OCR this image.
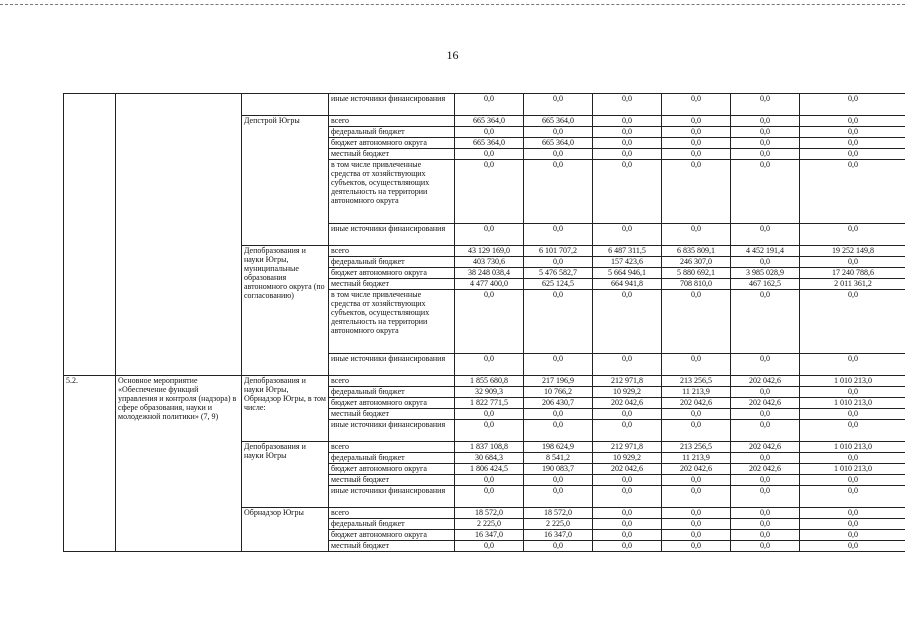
16
			иные источники финансирования	0,0	0,0	0,0	0,0	0,0	0,0
		Депстрой Югры	всего	665 364,0	665 364,0	0,0	0,0	0,0	0,0
			федеральный бюджет	0,0	0,0	0,0	0,0	0,0	0,0
			бюджет автономного округа	665 364,0	665 364,0	0,0	0,0	0,0	0,0
			местный бюджет	0,0	0,0	0,0	0,0	0,0	0,0
			в том числе привлеченные средства от хозяйствующих субъектов, осуществляющих деятельность на территории автономного округа	0,0	0,0	0,0	0,0	0,0	0,0
			иные источники финансирования	0,0	0,0	0,0	0,0	0,0	0,0
		Депобразования и науки Югры, муниципальные образования автономного округа (по согласованию)	всего	43 129 169,0	6 101 707,2	6 487 311,5	6 835 809,1	4 452 191,4	19 252 149,8
			федеральный бюджет	403 730,6	0,0	157 423,6	246 307,0	0,0	0,0
			бюджет автономного округа	38 248 038,4	5 476 582,7	5 664 946,1	5 880 692,1	3 985 028,9	17 240 788,6
			местный бюджет	4 477 400,0	625 124,5	664 941,8	708 810,0	467 162,5	2 011 361,2
			в том числе привлеченные средства от хозяйствующих субъектов, осуществляющих деятельность на территории автономного округа	0,0	0,0	0,0	0,0	0,0	0,0
			иные источники финансирования	0,0	0,0	0,0	0,0	0,0	0,0
5.2.	Основное мероприятие «Обеспечение функций управления и контроля (надзора) в сфере образования, науки и молодежной политики» (7, 9)	Депобразования и науки Югры, Обрнадзор Югры, в том числе:	всего	1 855 680,8	217 196,9	212 971,8	213 256,5	202 042,6	1 010 213,0
			федеральный бюджет	32 909,3	10 766,2	10 929,2	11 213,9	0,0	0,0
			бюджет автономного округа	1 822 771,5	206 430,7	202 042,6	202 042,6	202 042,6	1 010 213,0
			местный бюджет	0,0	0,0	0,0	0,0	0,0	0,0
			иные источники финансирования	0,0	0,0	0,0	0,0	0,0	0,0
		Депобразования и науки Югры	всего	1 837 108,8	198 624,9	212 971,8	213 256,5	202 042,6	1 010 213,0
			федеральный бюджет	30 684,3	8 541,2	10 929,2	11 213,9	0,0	0,0
			бюджет автономного округа	1 806 424,5	190 083,7	202 042,6	202 042,6	202 042,6	1 010 213,0
			местный бюджет	0,0	0,0	0,0	0,0	0,0	0,0
			иные источники финансирования	0,0	0,0	0,0	0,0	0,0	0,0
		Обрнадзор Югры	всего	18 572,0	18 572,0	0,0	0,0	0,0	0,0
			федеральный бюджет	2 225,0	2 225,0	0,0	0,0	0,0	0,0
			бюджет автономного округа	16 347,0	16 347,0	0,0	0,0	0,0	0,0
			местный бюджет	0,0	0,0	0,0	0,0	0,0	0,0
